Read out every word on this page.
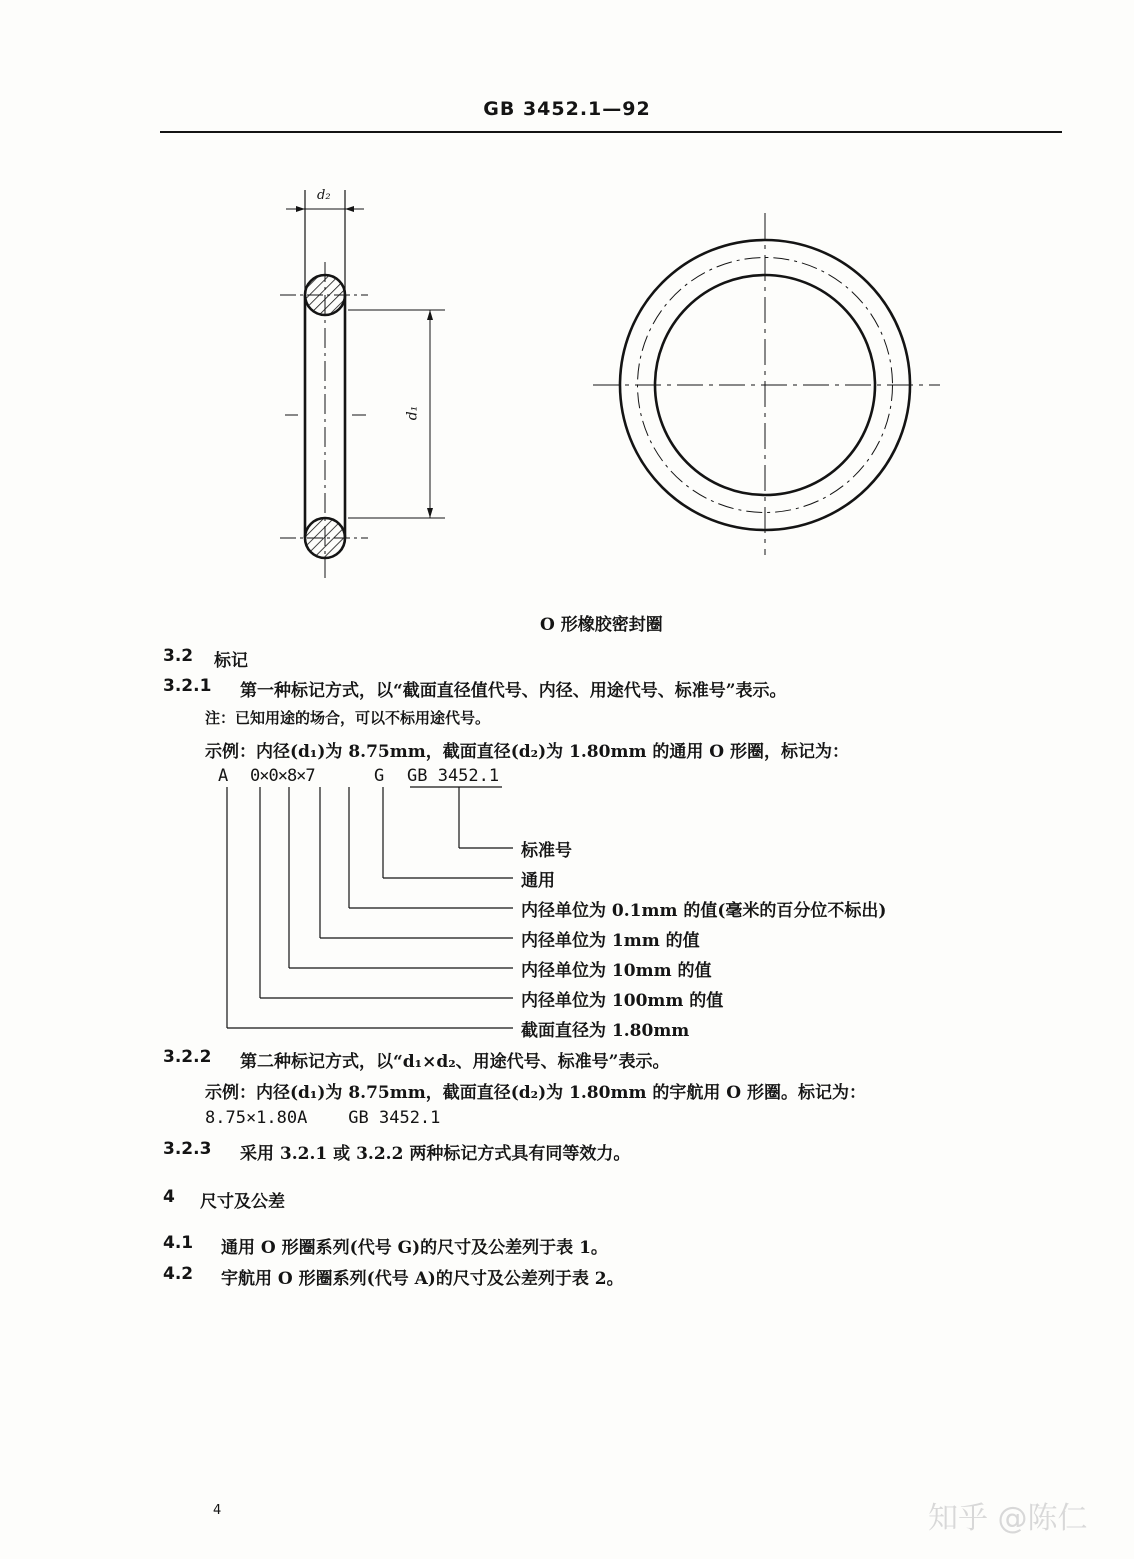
GB 3452.1—92
d₂
d₁
O 形橡胶密封圈
3.2 标记
3.2.1 第一种标记方式，以“截面直径值代号、内径、用途代号、标准号”表示。
注：已知用途的场合，可以不标用途代号。
示例：内径(d₁)为 8.75mm，截面直径(d₂)为 1.80mm 的通用 O 形圈，标记为：
A 0×0×8×7	G GB 3452.1
标准号
通用
内径单位为 0.1mm 的值(毫米的百分位不标出)
内径单位为 1mm 的值
内径单位为 10mm 的值
内径单位为 100mm 的值
截面直径为 1.80mm
3.2.2 第二种标记方式，以“d₁×d₂、用途代号、标准号”表示。
示例：内径(d₁)为 8.75mm，截面直径(d₂)为 1.80mm 的宇航用 O 形圈。标记为：
8.75×1.80A    GB 3452.1
3.2.3 采用 3.2.1 或 3.2.2 两种标记方式具有同等效力。
4 尺寸及公差
4.1 通用 O 形圈系列(代号 G)的尺寸及公差列于表 1。
4.2 宇航用 O 形圈系列(代号 A)的尺寸及公差列于表 2。
4	知乎 @陈仁
